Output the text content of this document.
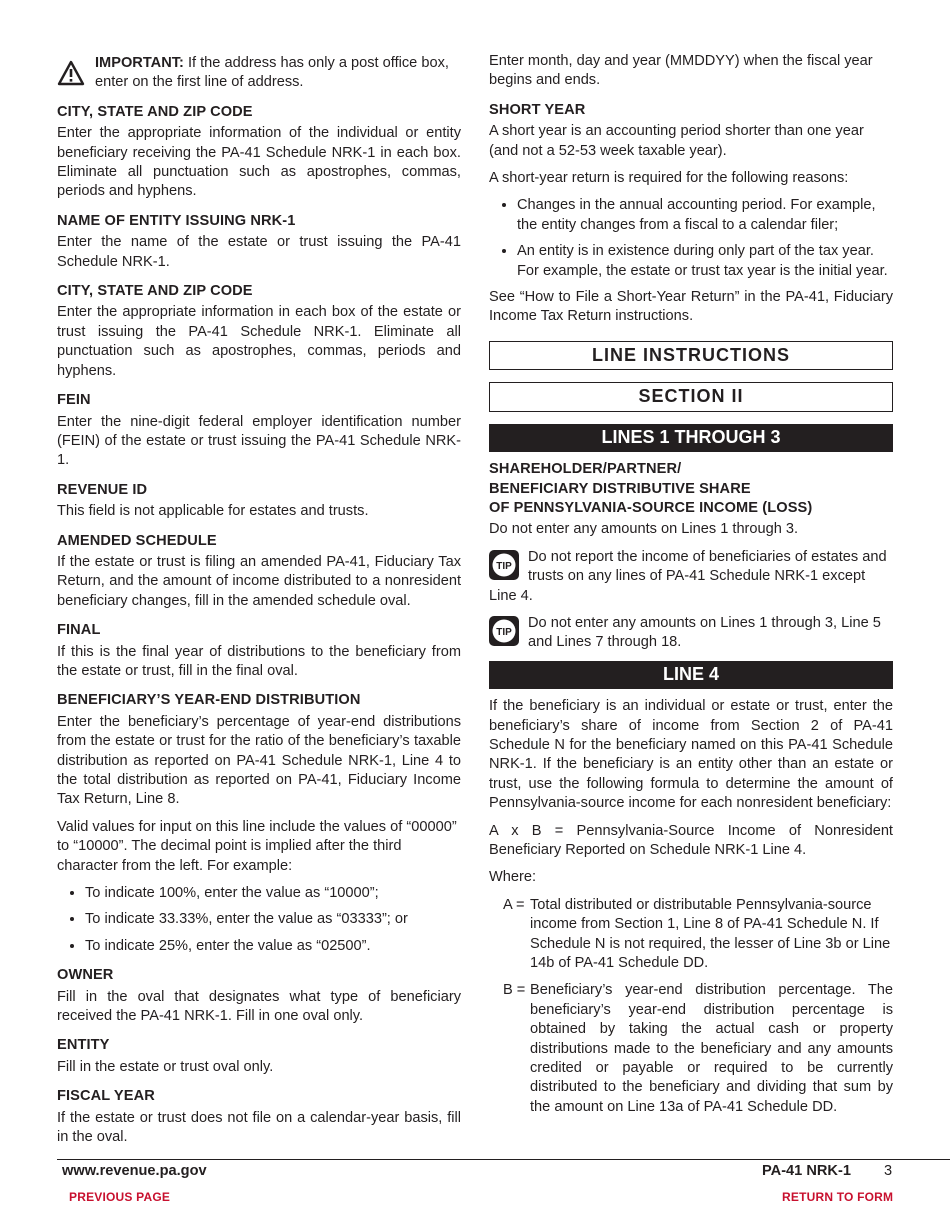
IMPORTANT: If the address has only a post office box, enter on the first line of address.
CITY, STATE AND ZIP CODE

Enter the appropriate information of the individual or entity beneficiary receiving the PA-41 Schedule NRK-1 in each box. Eliminate all punctuation such as apostrophes, commas, periods and hyphens.

NAME OF ENTITY ISSUING NRK-1

Enter the name of the estate or trust issuing the PA-41 Schedule NRK-1.

CITY, STATE AND ZIP CODE

Enter the appropriate information in each box of the estate or trust issuing the PA-41 Schedule NRK-1. Eliminate all punctuation such as apostrophes, commas, periods and hyphens.

FEIN

Enter the nine-digit federal employer identification number (FEIN) of the estate or trust issuing the PA-41 Schedule NRK-1.

REVENUE ID

This field is not applicable for estates and trusts.

AMENDED SCHEDULE

If the estate or trust is filing an amended PA-41, Fiduciary Tax Return, and the amount of income distributed to a nonresident beneficiary changes, fill in the amended schedule oval.

FINAL

If this is the final year of distributions to the beneficiary from the estate or trust, fill in the final oval.

BENEFICIARY’S YEAR-END DISTRIBUTION

Enter the beneficiary’s percentage of year-end distributions from the estate or trust for the ratio of the beneficiary’s taxable distribution as reported on PA-41 Schedule NRK-1, Line 4 to the total distribution as reported on PA-41, Fiduciary Income Tax Return, Line 8.

Valid values for input on this line include the values of “00000” to “10000”. The decimal point is implied after the third character from the left. For example:

• To indicate 100%, enter the value as “10000”;
• To indicate 33.33%, enter the value as “03333”; or
• To indicate 25%, enter the value as “02500”.
OWNER

Fill in the oval that designates what type of beneficiary received the PA-41 NRK-1. Fill in one oval only.

ENTITY

Fill in the estate or trust oval only.

FISCAL YEAR

If the estate or trust does not file on a calendar-year basis, fill in the oval.

Enter month, day and year (MMDDYY) when the fiscal year begins and ends.

SHORT YEAR

A short year is an accounting period shorter than one year (and not a 52-53 week taxable year).

A short-year return is required for the following reasons:

• Changes in the annual accounting period. For example, the entity changes from a fiscal to a calendar filer;
• An entity is in existence during only part of the tax year. For example, the estate or trust tax year is the initial year.

See “How to File a Short-Year Return” in the PA-41, Fiduciary Income Tax Return instructions.

LINE INSTRUCTIONS
SECTION II
LINES 1 THROUGH 3
SHAREHOLDER/PARTNER/
BENEFICIARY DISTRIBUTIVE SHARE
OF PENNSYLVANIA-SOURCE INCOME (LOSS)

Do not enter any amounts on Lines 1 through 3.

TIP
Do not report the income of beneficiaries of estates and trusts on any lines of PA-41 Schedule NRK-1 except Line 4.
TIP
Do not enter any amounts on Lines 1 through 3, Line 5 and Lines 7 through 18.
LINE 4

If the beneficiary is an individual or estate or trust, enter the beneficiary’s share of income from Section 2 of PA-41 Schedule N for the beneficiary named on this PA-41 Schedule NRK-1. If the beneficiary is an entity other than an estate or trust, use the following formula to determine the amount of Pennsylvania-source income for each nonresident beneficiary:

A x B = Pennsylvania-Source Income of Nonresident Beneficiary Reported on Schedule NRK-1 Line 4.

Where:

A = Total distributed or distributable Pennsylvania-source income from Section 1, Line 8 of PA-41 Schedule N. If Schedule N is not required, the lesser of Line 3b or Line 14b of PA-41 Schedule DD.
B = Beneficiary’s year-end distribution percentage. The beneficiary’s year-end distribution percentage is obtained by taking the actual cash or property distributions made to the beneficiary and any amounts credited or payable or required to be currently distributed to the beneficiary and dividing that sum by the amount on Line 13a of PA-41 Schedule DD.
www.revenue.pa.gov	PA-41 NRK-1 3
PREVIOUS PAGE	RETURN TO FORM
